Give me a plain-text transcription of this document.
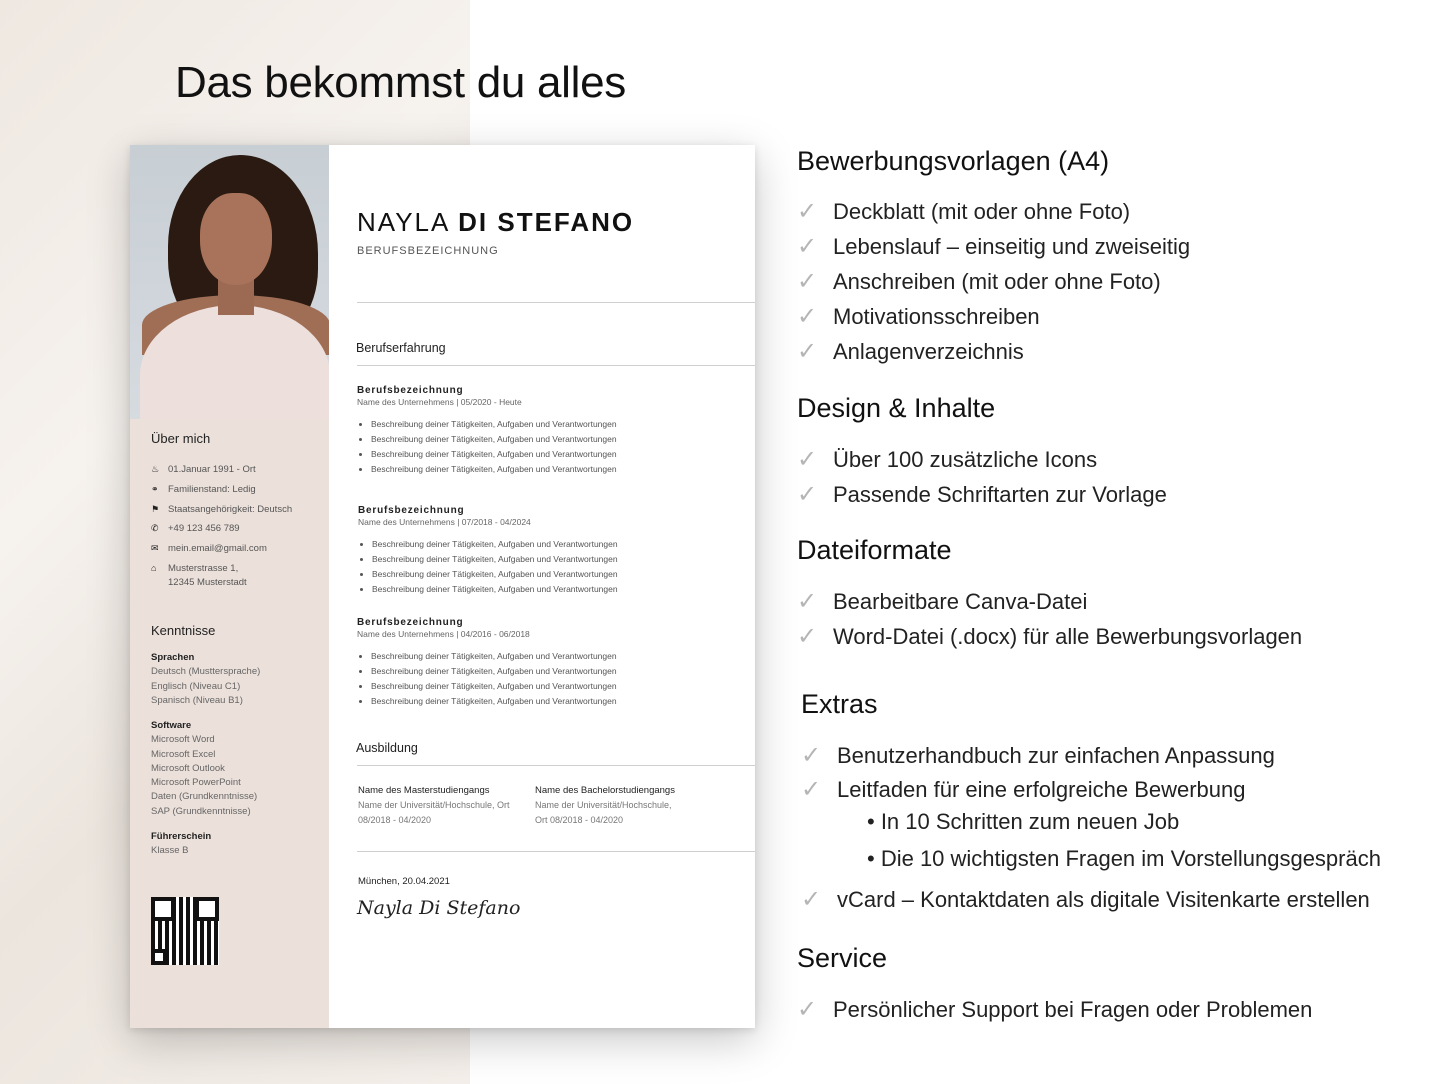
Das bekommst du alles
Über mich
♨ 01.Januar 1991 - Ort
⚭ Familienstand: Ledig
⚑ Staatsangehörigkeit: Deutsch
✆ +49 123 456 789
✉ mein.email@gmail.com
⌂	Musterstrasse 1,
12345 Musterstadt
Kenntnisse
Sprachen
Deutsch (Musttersprache)
Englisch (Niveau C1)
Spanisch (Niveau B1)
Software
Microsoft Word
Microsoft Excel
Microsoft Outlook
Microsoft PowerPoint
Daten (Grundkenntnisse)
SAP (Grundkenntnisse)
Führerschein
Klasse B
NAYLA DI STEFANO
BERUFSBEZEICHNUNG
Berufserfahrung
Berufsbezeichnung
Name des Unternehmens | 05/2020 - Heute
• Beschreibung deiner Tätigkeiten, Aufgaben und Verantwortungen
• Beschreibung deiner Tätigkeiten, Aufgaben und Verantwortungen
• Beschreibung deiner Tätigkeiten, Aufgaben und Verantwortungen
• Beschreibung deiner Tätigkeiten, Aufgaben und Verantwortungen
Berufsbezeichnung
Name des Unternehmens | 07/2018 - 04/2024
• Beschreibung deiner Tätigkeiten, Aufgaben und Verantwortungen
• Beschreibung deiner Tätigkeiten, Aufgaben und Verantwortungen
• Beschreibung deiner Tätigkeiten, Aufgaben und Verantwortungen
• Beschreibung deiner Tätigkeiten, Aufgaben und Verantwortungen
Berufsbezeichnung
Name des Unternehmens | 04/2016 - 06/2018
• Beschreibung deiner Tätigkeiten, Aufgaben und Verantwortungen
• Beschreibung deiner Tätigkeiten, Aufgaben und Verantwortungen
• Beschreibung deiner Tätigkeiten, Aufgaben und Verantwortungen
• Beschreibung deiner Tätigkeiten, Aufgaben und Verantwortungen
Ausbildung
Name des Masterstudiengangs
Name der Universität/Hochschule, Ort
08/2018 - 04/2020
Name des Bachelorstudiengangs
Name der Universität/Hochschule,
Ort 08/2018 - 04/2020
München, 20.04.2021
Nayla Di Stefano
Bewerbungsvorlagen (A4)
✓ Deckblatt (mit oder ohne Foto)
✓ Lebenslauf – einseitig und zweiseitig
✓ Anschreiben (mit oder ohne Foto)
✓ Motivationsschreiben
✓ Anlagenverzeichnis
Design & Inhalte
✓ Über 100 zusätzliche Icons
✓ Passende Schriftarten zur Vorlage
Dateiformate
✓ Bearbeitbare Canva-Datei
✓ Word-Datei (.docx) für alle Bewerbungsvorlagen
Extras
✓ Benutzerhandbuch zur einfachen Anpassung
✓ Leitfaden für eine erfolgreiche Bewerbung
• In 10 Schritten zum neuen Job
• Die 10 wichtigsten Fragen im Vorstellungsgespräch
✓ vCard – Kontaktdaten als digitale Visitenkarte erstellen
Service
✓ Persönlicher Support bei Fragen oder Problemen
